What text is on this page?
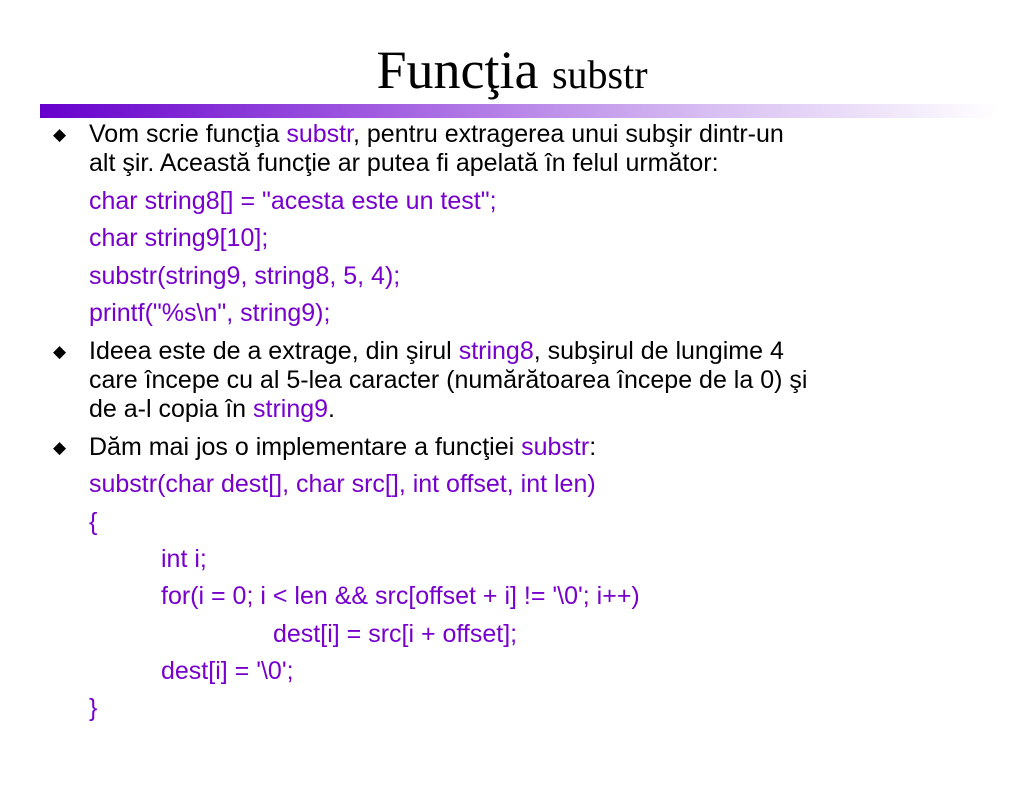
Funcţia substr
◆ Vom scrie funcţia substr, pentru extragerea unui subşir dintr-un
alt şir. Această funcţie ar putea fi apelată în felul următor:
char string8[] = "acesta este un test";
char string9[10];
substr(string9, string8, 5, 4);
printf("%s\n", string9);
◆ Ideea este de a extrage, din şirul string8, subşirul de lungime 4
care începe cu al 5-lea caracter (numărătoarea începe de la 0) şi
de a-l copia în string9.
◆ Dăm mai jos o implementare a funcţiei substr:
substr(char dest[], char src[], int offset, int len)
{
int i;
for(i = 0; i < len && src[offset + i] != '\0'; i++)
dest[i] = src[i + offset];
dest[i] = '\0';
}
